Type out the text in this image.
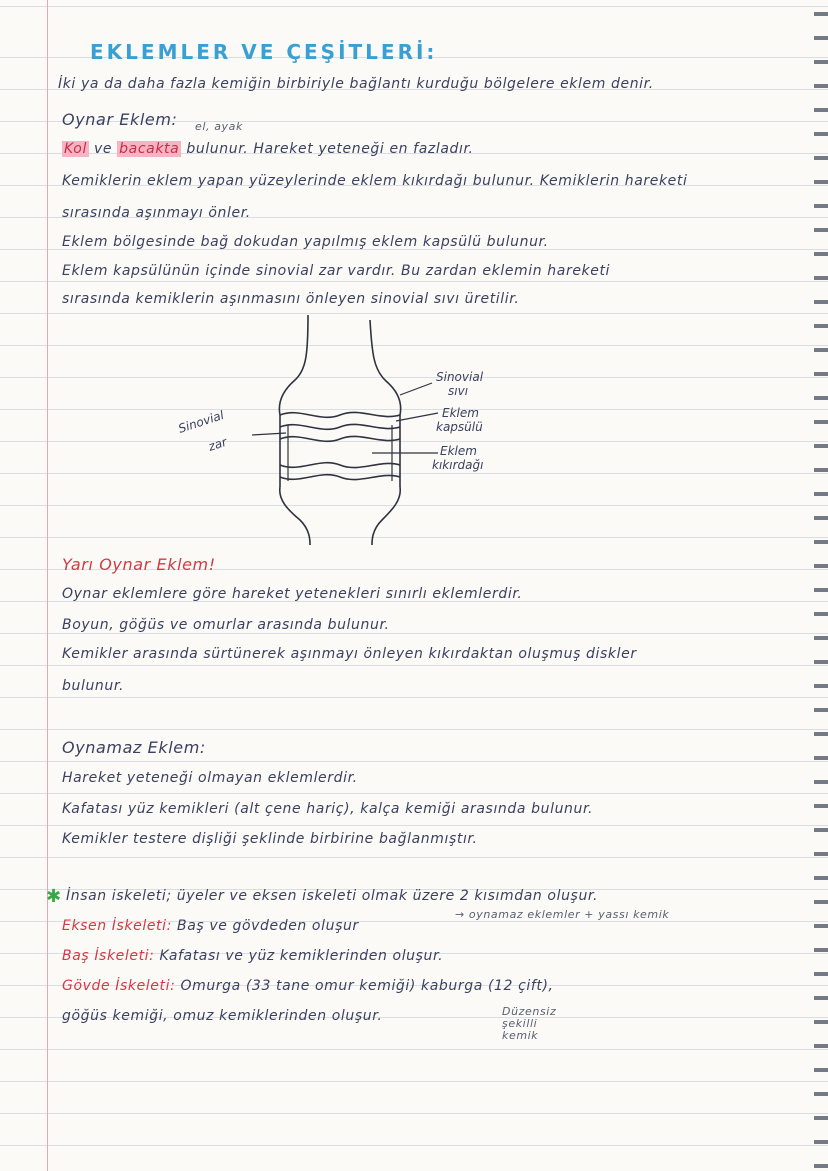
EKLEMLER VE ÇEŞİTLERİ:
İki ya da daha fazla kemiğin birbiriyle bağlantı kurduğu bölgelere eklem denir.
Oynar Eklem: el, ayak
Kol ve bacakta bulunur. Hareket yeteneği en fazladır.
Kemiklerin eklem yapan yüzeylerinde eklem kıkırdağı bulunur. Kemiklerin hareketi
sırasında aşınmayı önler.
Eklem bölgesinde bağ dokudan yapılmış eklem kapsülü bulunur.
Eklem kapsülünün içinde sinovial zar vardır. Bu zardan eklemin hareketi
sırasında kemiklerin aşınmasını önleyen sinovial sıvı üretilir.
Sinovial
sıvı
Eklem
kapsülü
Eklem
kıkırdağı
Sinovial
zar
Yarı Oynar Eklem!
Oynar eklemlere göre hareket yetenekleri sınırlı eklemlerdir.
Boyun, göğüs ve omurlar arasında bulunur.
Kemikler arasında sürtünerek aşınmayı önleyen kıkırdaktan oluşmuş diskler
bulunur.
Oynamaz Eklem:
Hareket yeteneği olmayan eklemlerdir.
Kafatası yüz kemikleri (alt çene hariç), kalça kemiği arasında bulunur.
Kemikler testere dişliği şeklinde birbirine bağlanmıştır.
✱ İnsan iskeleti; üyeler ve eksen iskeleti olmak üzere 2 kısımdan oluşur.
Eksen İskeleti: Baş ve gövdeden oluşur
→ oynamaz eklemler + yassı kemik
Baş İskeleti: Kafatası ve yüz kemiklerinden oluşur.
Gövde İskeleti: Omurga (33 tane omur kemiği) kaburga (12 çift),
göğüs kemiği, omuz kemiklerinden oluşur.	Düzensiz
şekilli
kemik
